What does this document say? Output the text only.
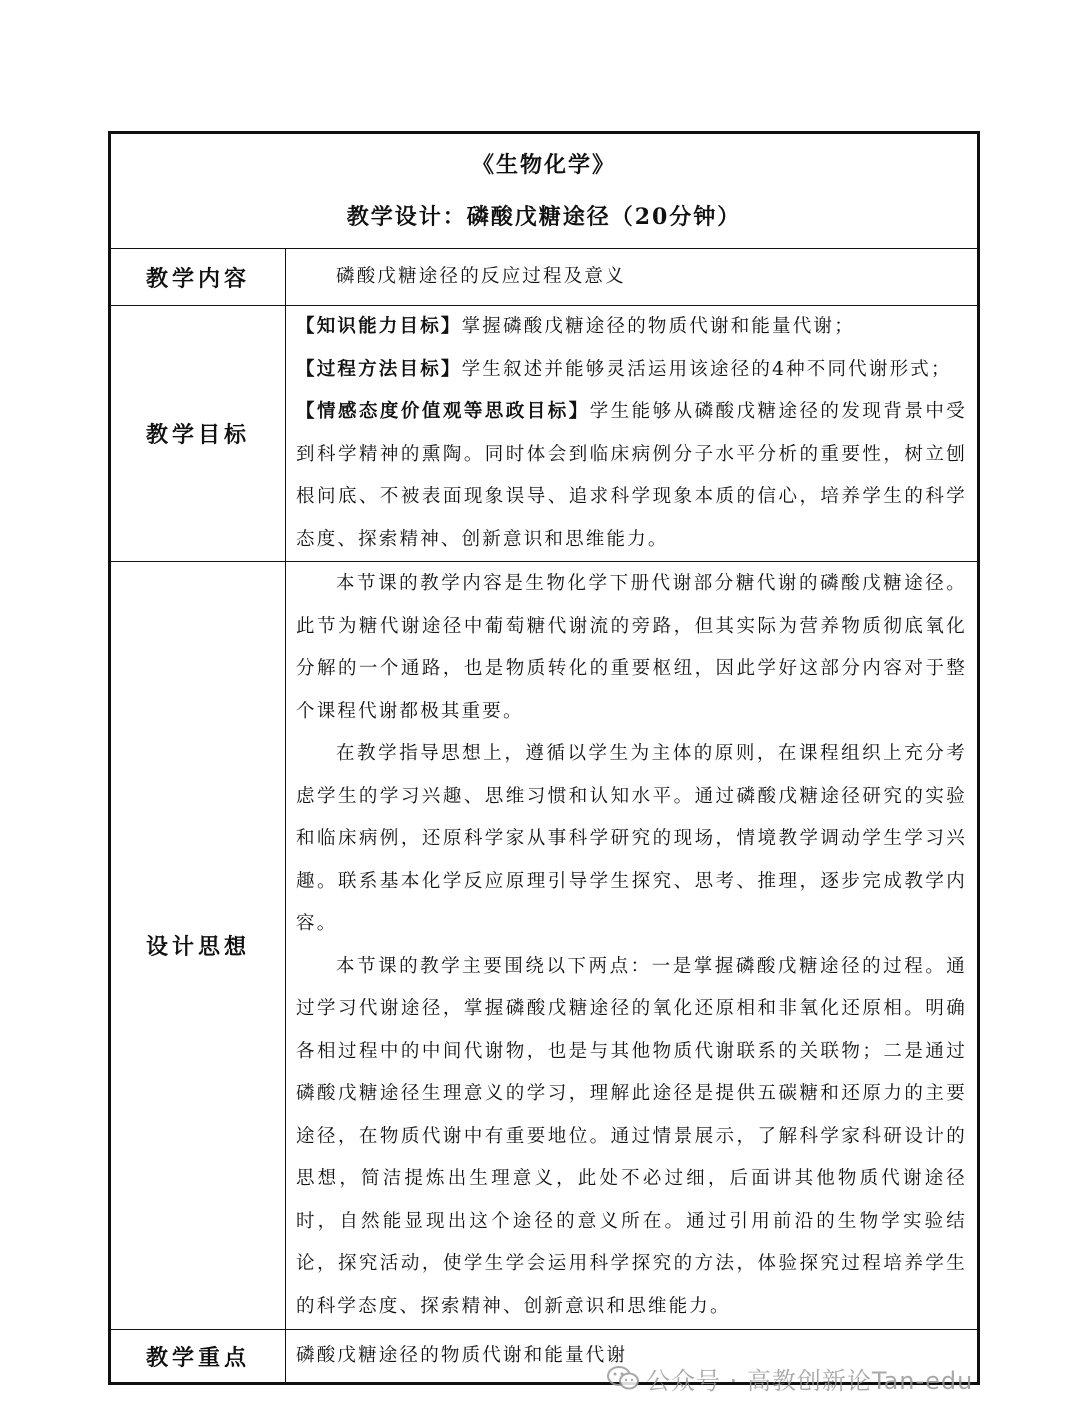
《生物化学》
教学设计：磷酸戊糖途径（20分钟）	

教学内容	磷酸戊糖途径的反应过程及意义

教学目标	【知识能力目标】掌握磷酸戊糖途径的物质代谢和能量代谢；

【过程方法目标】学生叙述并能够灵活运用该途径的4种不同代谢形式；

【情感态度价值观等思政目标】学生能够从磷酸戊糖途径的发现背景中受到科学精神的熏陶。同时体会到临床病例分子水平分析的重要性，树立刨根问底、不被表面现象误导、追求科学现象本质的信心，培养学生的科学态度、探索精神、创新意识和思维能力。

设计思想	本节课的教学内容是生物化学下册代谢部分糖代谢的磷酸戊糖途径。此节为糖代谢途径中葡萄糖代谢流的旁路，但其实际为营养物质彻底氧化分解的一个通路，也是物质转化的重要枢纽，因此学好这部分内容对于整个课程代谢都极其重要。

在教学指导思想上，遵循以学生为主体的原则，在课程组织上充分考虑学生的学习兴趣、思维习惯和认知水平。通过磷酸戊糖途径研究的实验和临床病例，还原科学家从事科学研究的现场，情境教学调动学生学习兴趣。联系基本化学反应原理引导学生探究、思考、推理，逐步完成教学内容。

本节课的教学主要围绕以下两点：一是掌握磷酸戊糖途径的过程。通过学习代谢途径，掌握磷酸戊糖途径的氧化还原相和非氧化还原相。明确各相过程中的中间代谢物，也是与其他物质代谢联系的关联物；二是通过磷酸戊糖途径生理意义的学习，理解此途径是提供五碳糖和还原力的主要途径，在物质代谢中有重要地位。通过情景展示，了解科学家科研设计的思想，简洁提炼出生理意义，此处不必过细，后面讲其他物质代谢途径时，自然能显现出这个途径的意义所在。通过引用前沿的生物学实验结论，探究活动，使学生学会运用科学探究的方法，体验探究过程培养学生的科学态度、探索精神、创新意识和思维能力。

教学重点	磷酸戊糖途径的物质代谢和能量代谢
公众号 · 高教创新论Tan-edu
